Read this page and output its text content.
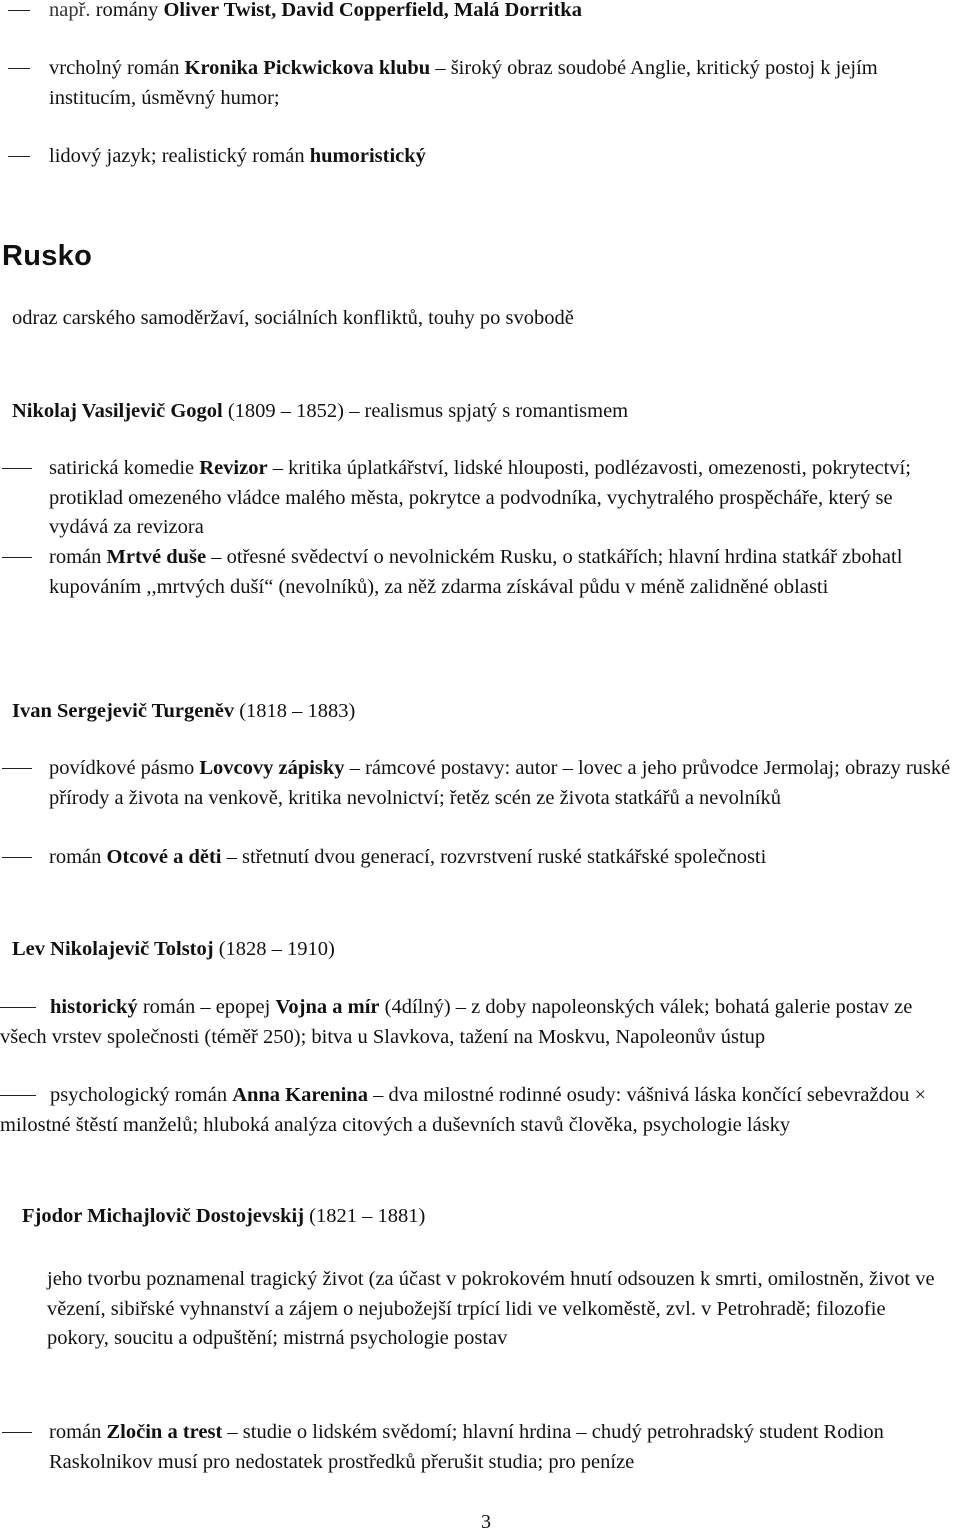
např. romány Oliver Twist, David Copperfield, Malá Dorritka
vrcholný román Kronika Pickwickova klubu – široký obraz soudobé Anglie, kritický postoj k jejím institucím, úsměvný humor;
lidový jazyk; realistický román humoristický
Rusko
odraz carského samoděržaví, sociálních konfliktů, touhy po svobodě
Nikolaj Vasiljevič Gogol (1809 – 1852) – realismus spjatý s romantismem
satirická komedie Revizor – kritika úplatkářství, lidské hlouposti, podlézavosti, omezenosti, pokrytectví; protiklad omezeného vládce malého města, pokrytce a podvodníka, vychytralého prospěcháře, který se vydává za revizora
román Mrtvé duše – otřesné svědectví o nevolnickém Rusku, o statkářích; hlavní hrdina statkář zbohatl kupováním ,,mrtvých duší“ (nevolníků), za něž zdarma získával půdu v méně zalidněné oblasti
Ivan Sergejevič Turgeněv (1818 – 1883)
povídkové pásmo Lovcovy zápisky – rámcové postavy: autor – lovec a jeho průvodce Jermolaj; obrazy ruské přírody a života na venkově, kritika nevolnictví; řetěz scén ze života statkářů a nevolníků
román Otcové a děti – střetnutí dvou generací, rozvrstvení ruské statkářské společnosti
Lev Nikolajevič Tolstoj (1828 – 1910)
historický román – epopej Vojna a mír (4dílný) – z doby napoleonských válek; bohatá galerie postav ze všech vrstev společnosti (téměř 250); bitva u Slavkova, tažení na Moskvu, Napoleonův ústup
psychologický román Anna Karenina – dva milostné rodinné osudy: vášnivá láska končící sebevraždou × milostné štěstí manželů; hluboká analýza citových a duševních stavů člověka, psychologie lásky
Fjodor Michajlovič Dostojevskij (1821 – 1881)
jeho tvorbu poznamenal tragický život (za účast v pokrokovém hnutí odsouzen k smrti, omilostněn, život ve vězení, sibiřské vyhnanství a zájem o nejubožejší trpící lidi ve velkoměstě, zvl. v Petrohradě; filozofie pokory, soucitu a odpuštění; mistrná psychologie postav
román Zločin a trest – studie o lidském svědomí; hlavní hrdina – chudý petrohradský student Rodion Raskolnikov musí pro nedostatek prostředků přerušit studia; pro peníze
3
